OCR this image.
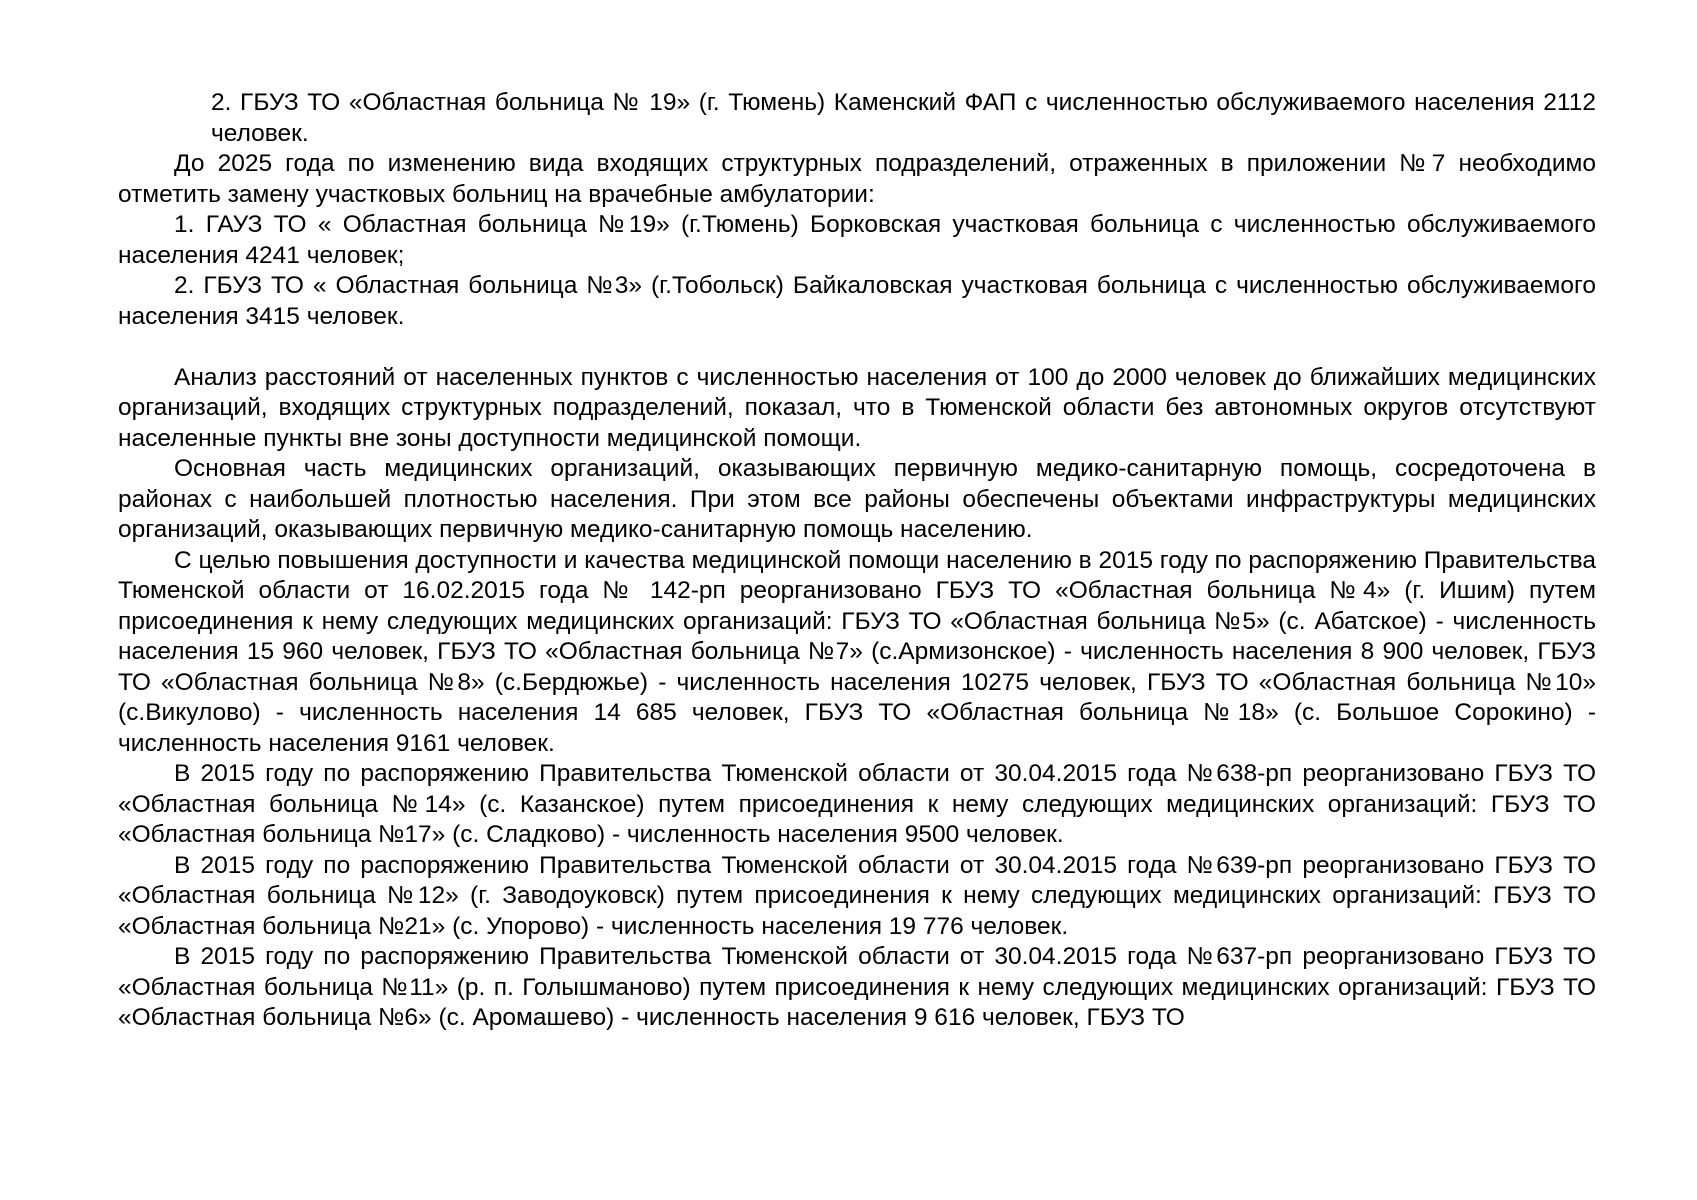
2. ГБУЗ ТО «Областная больница № 19» (г. Тюмень) Каменский ФАП с численностью обслуживаемого населения 2112 человек.

До 2025 года по изменению вида входящих структурных подразделений, отраженных в приложении №7 необходимо отметить замену участковых больниц на врачебные амбулатории:

1. ГАУЗ ТО « Областная больница №19» (г.Тюмень) Борковская участковая больница с численностью обслуживаемого населения 4241 человек;

2. ГБУЗ ТО « Областная больница №3» (г.Тобольск) Байкаловская участковая больница с численностью обслуживаемого населения 3415 человек.

Анализ расстояний от населенных пунктов с численностью населения от 100 до 2000 человек до ближайших медицинских организаций, входящих структурных подразделений, показал, что в Тюменской области без автономных округов отсутствуют населенные пункты вне зоны доступности медицинской помощи.

Основная часть медицинских организаций, оказывающих первичную медико-санитарную помощь, сосредоточена в районах с наибольшей плотностью населения. При этом все районы обеспечены объектами инфраструктуры медицинских организаций, оказывающих первичную медико-санитарную помощь населению.

С целью повышения доступности и качества медицинской помощи населению в 2015 году по распоряжению Правительства Тюменской области от 16.02.2015 года № 142-рп реорганизовано ГБУЗ ТО «Областная больница №4» (г. Ишим) путем присоединения к нему следующих медицинских организаций: ГБУЗ ТО «Областная больница №5» (с. Абатское) - численность населения 15 960 человек, ГБУЗ ТО «Областная больница №7» (с.Армизонское) - численность населения 8 900 человек, ГБУЗ ТО «Областная больница №8» (с.Бердюжье) - численность населения 10275 человек, ГБУЗ ТО «Областная больница №10» (с.Викулово) - численность населения 14 685 человек, ГБУЗ ТО «Областная больница №18» (с. Большое Сорокино) - численность населения 9161 человек.

В 2015 году по распоряжению Правительства Тюменской области от 30.04.2015 года №638-рп реорганизовано ГБУЗ ТО «Областная больница №14» (с. Казанское) путем присоединения к нему следующих медицинских организаций: ГБУЗ ТО «Областная больница №17» (с. Сладково) - численность населения 9500 человек.

В 2015 году по распоряжению Правительства Тюменской области от 30.04.2015 года №639-рп реорганизовано ГБУЗ ТО «Областная больница №12» (г. Заводоуковск) путем присоединения к нему следующих медицинских организаций: ГБУЗ ТО «Областная больница №21» (с. Упорово) - численность населения 19 776 человек.

В 2015 году по распоряжению Правительства Тюменской области от 30.04.2015 года №637-рп реорганизовано ГБУЗ ТО «Областная больница №11» (р. п. Голышманово) путем присоединения к нему следующих медицинских организаций: ГБУЗ ТО «Областная больница №6» (с. Аромашево) - численность населения 9 616 человек, ГБУЗ ТО
